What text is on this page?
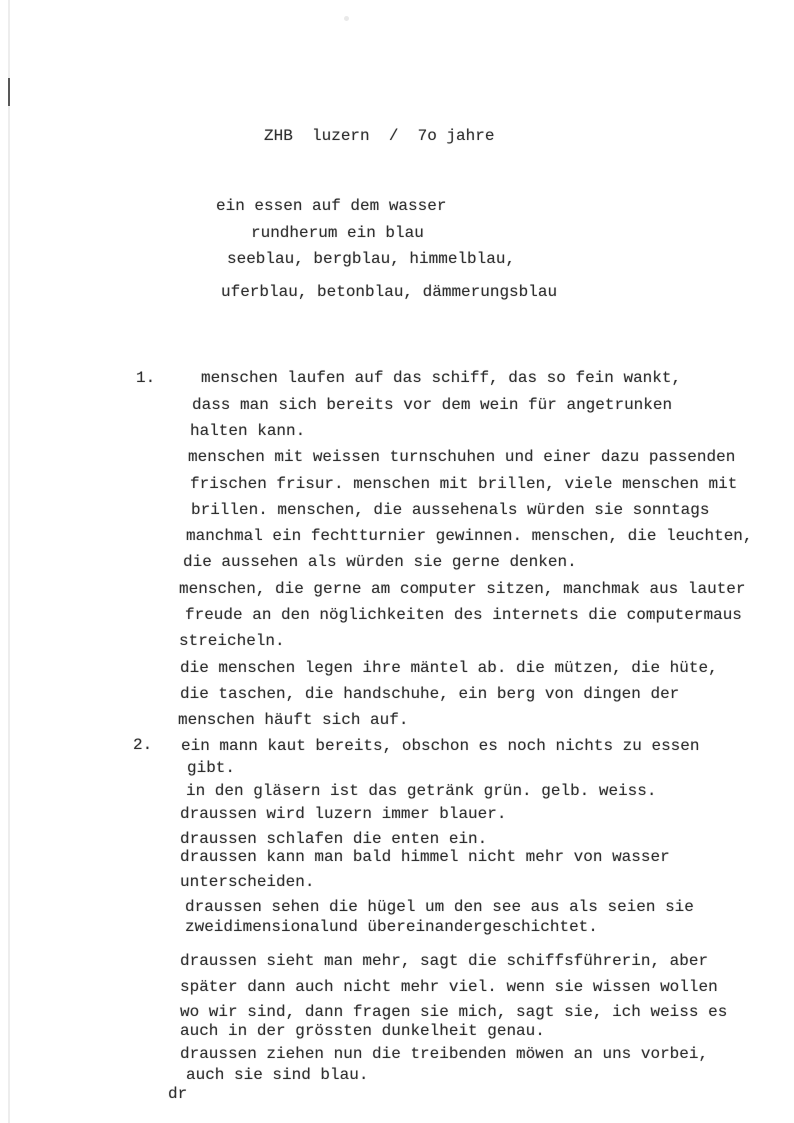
ZHB  luzern  /  7o jahre
ein essen auf dem wasser
rundherum ein blau
seeblau, bergblau, himmelblau,
uferblau, betonblau, dämmerungsblau
1.	menschen laufen auf das schiff, das so fein wankt,
dass man sich bereits vor dem wein für angetrunken
halten kann.
menschen mit weissen turnschuhen und einer dazu passenden
frischen frisur. menschen mit brillen, viele menschen mit
brillen. menschen, die aussehenals würden sie sonntags
manchmal ein fechtturnier gewinnen. menschen, die leuchten,
die aussehen als würden sie gerne denken.
menschen, die gerne am computer sitzen, manchmak aus lauter
freude an den nöglichkeiten des internets die computermaus
streicheln.
die menschen legen ihre mäntel ab. die mützen, die hüte,
die taschen, die handschuhe, ein berg von dingen der
menschen häuft sich auf.
2. ein mann kaut bereits, obschon es noch nichts zu essen
gibt.
in den gläsern ist das getränk grün. gelb. weiss.
draussen wird luzern immer blauer.
draussen schlafen die enten ein.
draussen kann man bald himmel nicht mehr von wasser
unterscheiden.
draussen sehen die hügel um den see aus als seien sie
zweidimensionalund übereinandergeschichtet.
draussen sieht man mehr, sagt die schiffsführerin, aber
später dann auch nicht mehr viel. wenn sie wissen wollen
wo wir sind, dann fragen sie mich, sagt sie, ich weiss es
auch in der grössten dunkelheit genau.
draussen ziehen nun die treibenden möwen an uns vorbei,
auch sie sind blau.
dr
